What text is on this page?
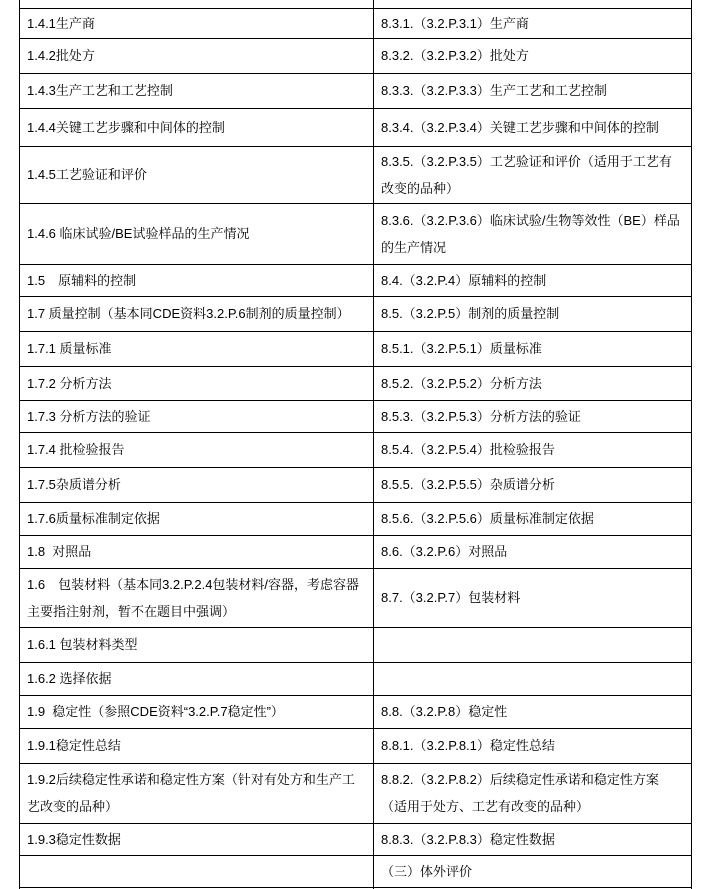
1.4.1生产商	8.3.1.（3.2.P.3.1）生产商
1.4.2批处方	8.3.2.（3.2.P.3.2）批处方
1.4.3生产工艺和工艺控制	8.3.3.（3.2.P.3.3）生产工艺和工艺控制
1.4.4关键工艺步骤和中间体的控制	8.3.4.（3.2.P.3.4）关键工艺步骤和中间体的控制
1.4.5工艺验证和评价	8.3.5.（3.2.P.3.5）工艺验证和评价（适用于工艺有改变的品种）
1.4.6 临床试验/BE试验样品的生产情况	8.3.6.（3.2.P.3.6）临床试验/生物等效性（BE）样品的生产情况
1.5　原辅料的控制	8.4.（3.2.P.4）原辅料的控制
1.7 质量控制（基本同CDE资料3.2.P.6制剂的质量控制）	8.5.（3.2.P.5）制剂的质量控制
1.7.1 质量标准	8.5.1.（3.2.P.5.1）质量标准
1.7.2 分析方法	8.5.2.（3.2.P.5.2）分析方法
1.7.3 分析方法的验证	8.5.3.（3.2.P.5.3）分析方法的验证
1.7.4 批检验报告	8.5.4.（3.2.P.5.4）批检验报告
1.7.5杂质谱分析	8.5.5.（3.2.P.5.5）杂质谱分析
1.7.6质量标准制定依据	8.5.6.（3.2.P.5.6）质量标准制定依据
1.8  对照品	8.6.（3.2.P.6）对照品
1.6　包装材料（基本同3.2.P.2.4包装材料/容器，考虑容器主要指注射剂，暂不在题目中强调）	8.7.（3.2.P.7）包装材料
1.6.1 包装材料类型	
1.6.2 选择依据	
1.9  稳定性（参照CDE资料“3.2.P.7稳定性”）	8.8.（3.2.P.8）稳定性
1.9.1稳定性总结	8.8.1.（3.2.P.8.1）稳定性总结
1.9.2后续稳定性承诺和稳定性方案（针对有处方和生产工艺改变的品种）	8.8.2.（3.2.P.8.2）后续稳定性承诺和稳定性方案 （适用于处方、工艺有改变的品种）
1.9.3稳定性数据	8.8.3.（3.2.P.8.3）稳定性数据
	（三）体外评价
